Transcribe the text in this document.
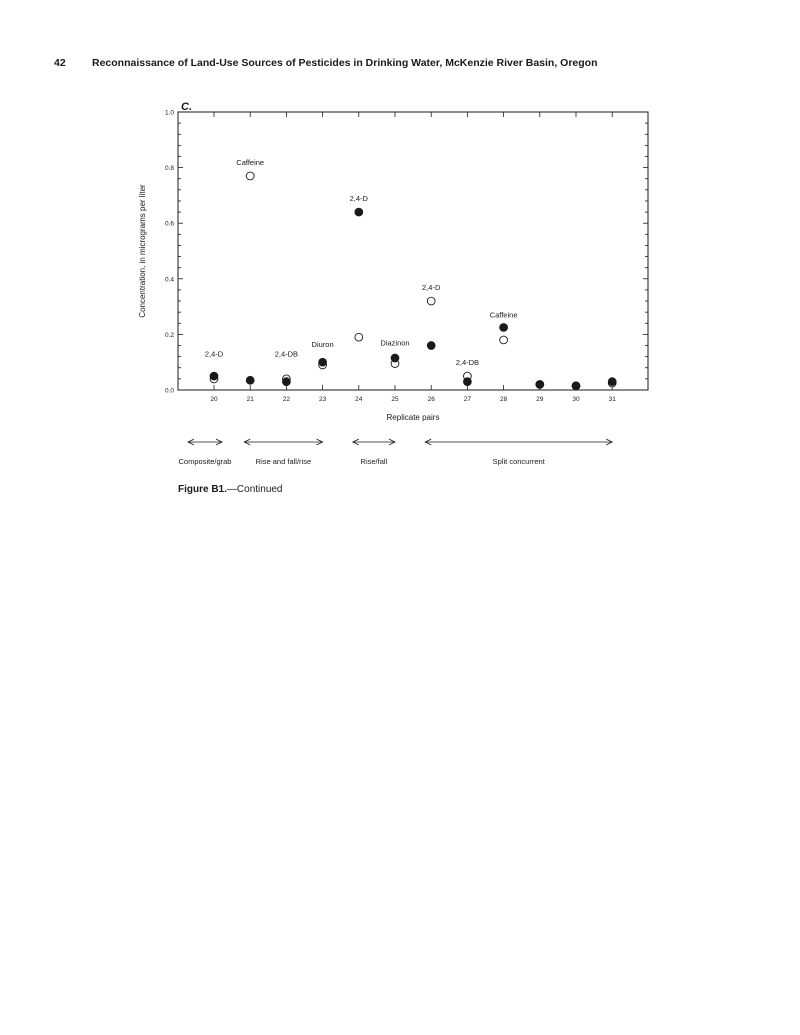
42	Reconnaissance of Land-Use Sources of Pesticides in Drinking Water, McKenzie River Basin, Oregon
C.
0.0
0.2
0.4
0.6
0.8
1.0
20	21	22	23	24	25	26	27	28	29	30	31
Replicate pairs
Concentration, in micrograms per liter
2,4-D
Caffeine
2,4-DB
Diuron
2,4-D
Diazinon
2,4-D
2,4-DB
Caffeine
Composite/grab	Rise and fall/rise	Rise/fall	Split concurrent
Figure B1.—Continued
